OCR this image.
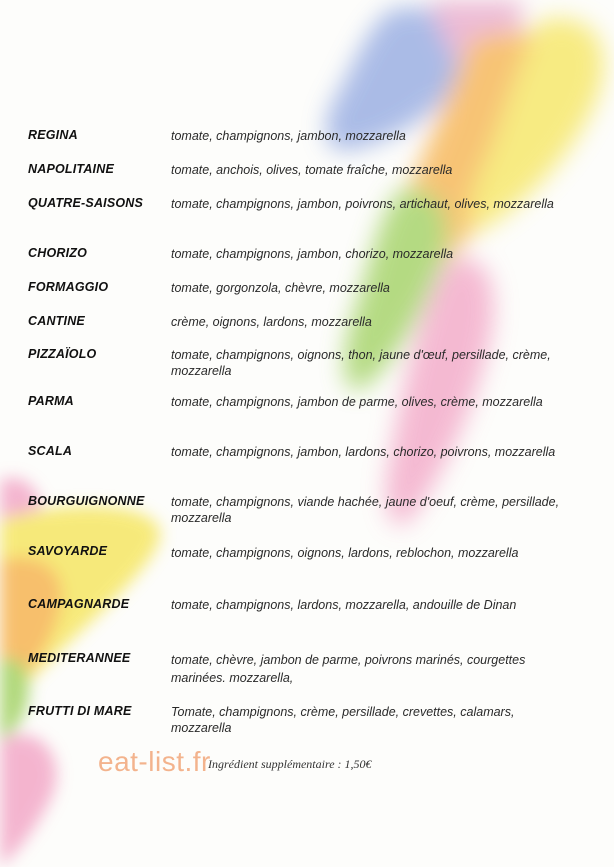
REGINA	tomate, champignons, jambon, mozzarella
NAPOLITAINE	tomate, anchois, olives, tomate fraîche, mozzarella
QUATRE-SAISONS tomate, champignons, jambon, poivrons, artichaut, olives, mozzarella
CHORIZO	tomate, champignons, jambon, chorizo, mozzarella
FORMAGGIO	tomate, gorgonzola, chèvre, mozzarella
CANTINE	crème, oignons, lardons, mozzarella
PIZZAÏOLO	tomate, champignons, oignons, thon, jaune d'œuf, persillade, crème, mozzarella
PARMA	tomate, champignons, jambon de parme, olives, crème, mozzarella
SCALA	tomate, champignons, jambon, lardons, chorizo, poivrons, mozzarella
BOURGUIGNONNE tomate, champignons, viande hachée, jaune d'oeuf, crème, persillade, mozzarella
SAVOYARDE	tomate, champignons, oignons, lardons, reblochon, mozzarella
CAMPAGNARDE	tomate, champignons, lardons, mozzarella, andouille de Dinan
MEDITERANNEE	tomate, chèvre, jambon de parme, poivrons marinés, courgettes marinées. mozzarella,
FRUTTI DI MARE	Tomate, champignons, crème, persillade, crevettes, calamars, mozzarella
eat-list.fr
Ingrédient supplémentaire : 1,50€
